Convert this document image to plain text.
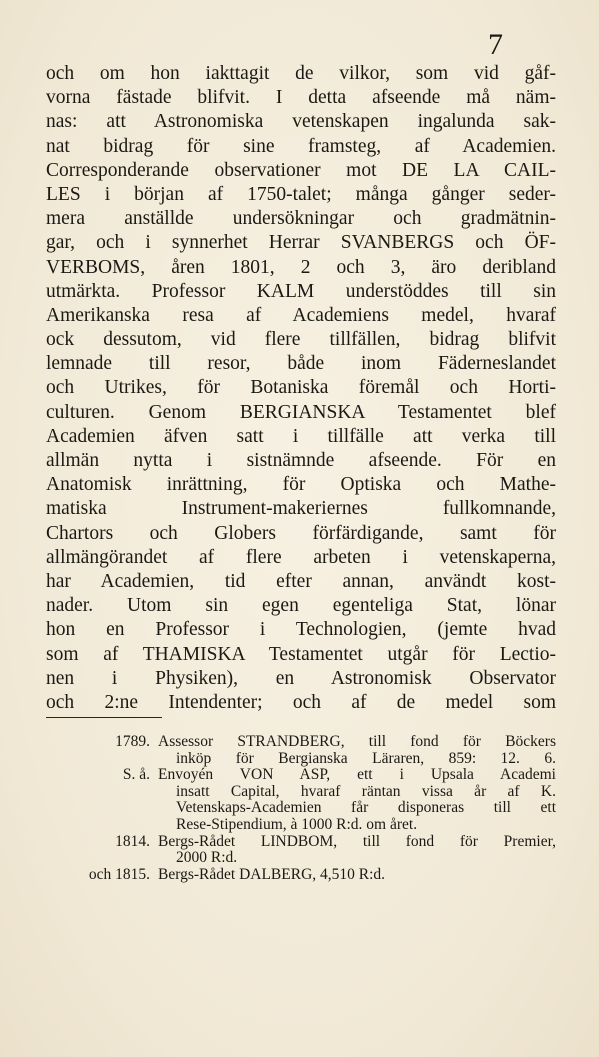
7
och om hon iakttagit de vilkor, som vid gåf-
vorna fästade blifvit. I detta afseende må näm-
nas: att Astronomiska vetenskapen ingalunda sak-
nat bidrag för sine framsteg, af Academien.
Corresponderande observationer mot DE LA CAIL-
LES i början af 1750-talet; många gånger seder-
mera anställde undersökningar och gradmätnin-
gar, och i synnerhet Herrar SVANBERGS och ÖF-
VERBOMS, åren 1801, 2 och 3, äro deribland
utmärkta. Professor KALM understöddes till sin
Amerikanska resa af Academiens medel, hvaraf
ock dessutom, vid flere tillfällen, bidrag blifvit
lemnade till resor, både inom Fäderneslandet
och Utrikes, för Botaniska föremål och Horti-
culturen. Genom BERGIANSKA Testamentet blef
Academien äfven satt i tillfälle att verka till
allmän nytta i sistnämnde afseende. För en
Anatomisk inrättning, för Optiska och Mathe-
matiska Instrument-makeriernes fullkomnande,
Chartors och Globers förfärdigande, samt för
allmängörandet af flere arbeten i vetenskaperna,
har Academien, tid efter annan, användt kost-
nader. Utom sin egen egenteliga Stat, lönar
hon en Professor i Technologien, (jemte hvad
som af THAMISKA Testamentet utgår för Lectio-
nen i Physiken), en Astronomisk Observator
och 2:ne Intendenter; och af de medel som
1789. Assessor STRANDBERG, till fond för Böckers
inköp för Bergianska Läraren, 859: 12. 6.
S. å. Envoyén VON ASP, ett i Upsala Academi
insatt Capital, hvaraf räntan vissa år af K.
Vetenskaps-Academien får disponeras till ett
Rese-Stipendium, à 1000 R:d. om året.
1814. Bergs-Rådet LINDBOM, till fond för Premier,
2000 R:d.
och 1815. Bergs-Rådet DALBERG, 4,510 R:d.
